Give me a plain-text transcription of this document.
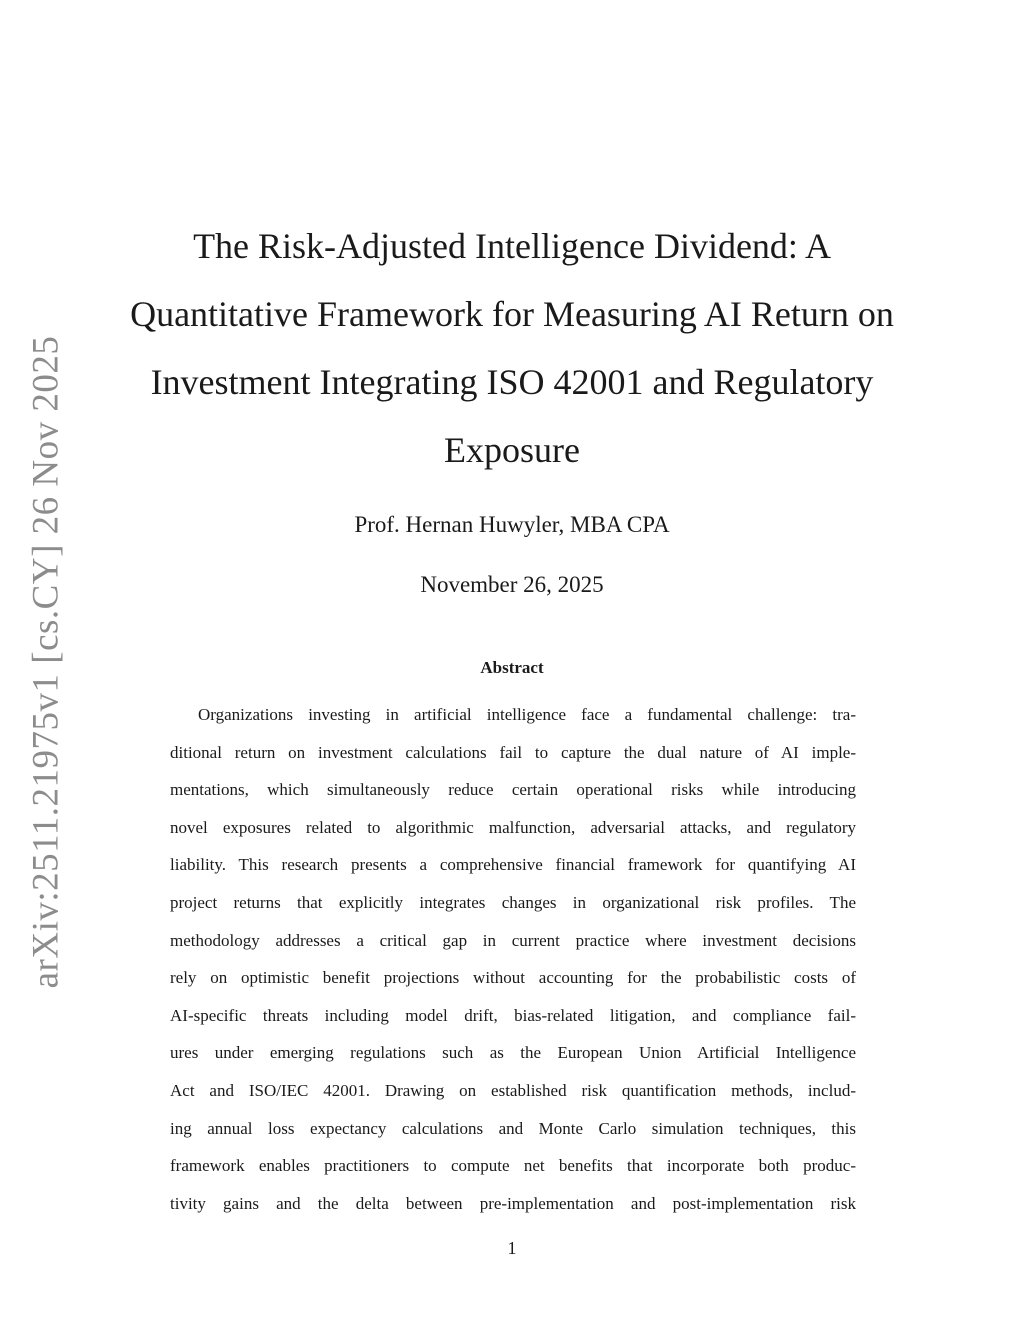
arXiv:2511.21975v1 [cs.CY] 26 Nov 2025
The Risk-Adjusted Intelligence Dividend: A
Quantitative Framework for Measuring AI Return on
Investment Integrating ISO 42001 and Regulatory
Exposure

Prof. Hernan Huwyler, MBA CPA

November 26, 2025

Abstract
Organizations investing in artificial intelligence face a fundamental challenge: tra-
ditional return on investment calculations fail to capture the dual nature of AI imple-
mentations, which simultaneously reduce certain operational risks while introducing
novel exposures related to algorithmic malfunction, adversarial attacks, and regulatory
liability. This research presents a comprehensive financial framework for quantifying AI
project returns that explicitly integrates changes in organizational risk profiles. The
methodology addresses a critical gap in current practice where investment decisions
rely on optimistic benefit projections without accounting for the probabilistic costs of
AI-specific threats including model drift, bias-related litigation, and compliance fail-
ures under emerging regulations such as the European Union Artificial Intelligence
Act and ISO/IEC 42001. Drawing on established risk quantification methods, includ-
ing annual loss expectancy calculations and Monte Carlo simulation techniques, this
framework enables practitioners to compute net benefits that incorporate both produc-
tivity gains and the delta between pre-implementation and post-implementation risk

1
